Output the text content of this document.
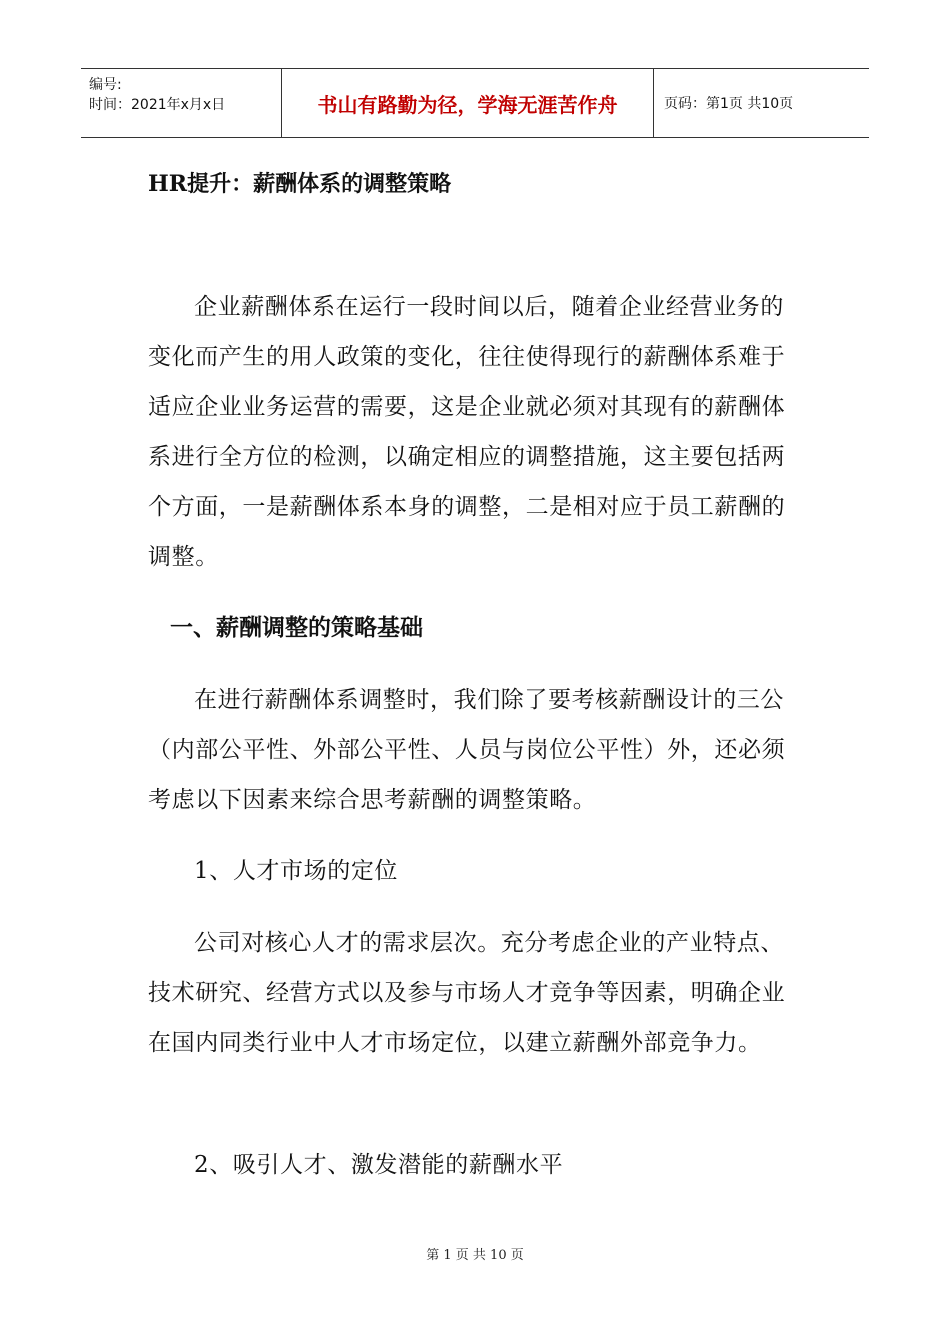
编号:
时间：2021年x月x日	书山有路勤为径，学海无涯苦作舟	页码：第1页 共10页
HR提升：薪酬体系的调整策略

企业薪酬体系在运行一段时间以后，随着企业经营业务的变化而产生的用人政策的变化，往往使得现行的薪酬体系难于适应企业业务运营的需要，这是企业就必须对其现有的薪酬体系进行全方位的检测，以确定相应的调整措施，这主要包括两个方面，一是薪酬体系本身的调整，二是相对应于员工薪酬的调整。

一、薪酬调整的策略基础

在进行薪酬体系调整时，我们除了要考核薪酬设计的三公（内部公平性、外部公平性、人员与岗位公平性）外，还必须考虑以下因素来综合思考薪酬的调整策略。

1、人才市场的定位

公司对核心人才的需求层次。充分考虑企业的产业特点、技术研究、经营方式以及参与市场人才竞争等因素，明确企业在国内同类行业中人才市场定位，以建立薪酬外部竞争力。

2、吸引人才、激发潜能的薪酬水平

第 1 页 共 10 页
